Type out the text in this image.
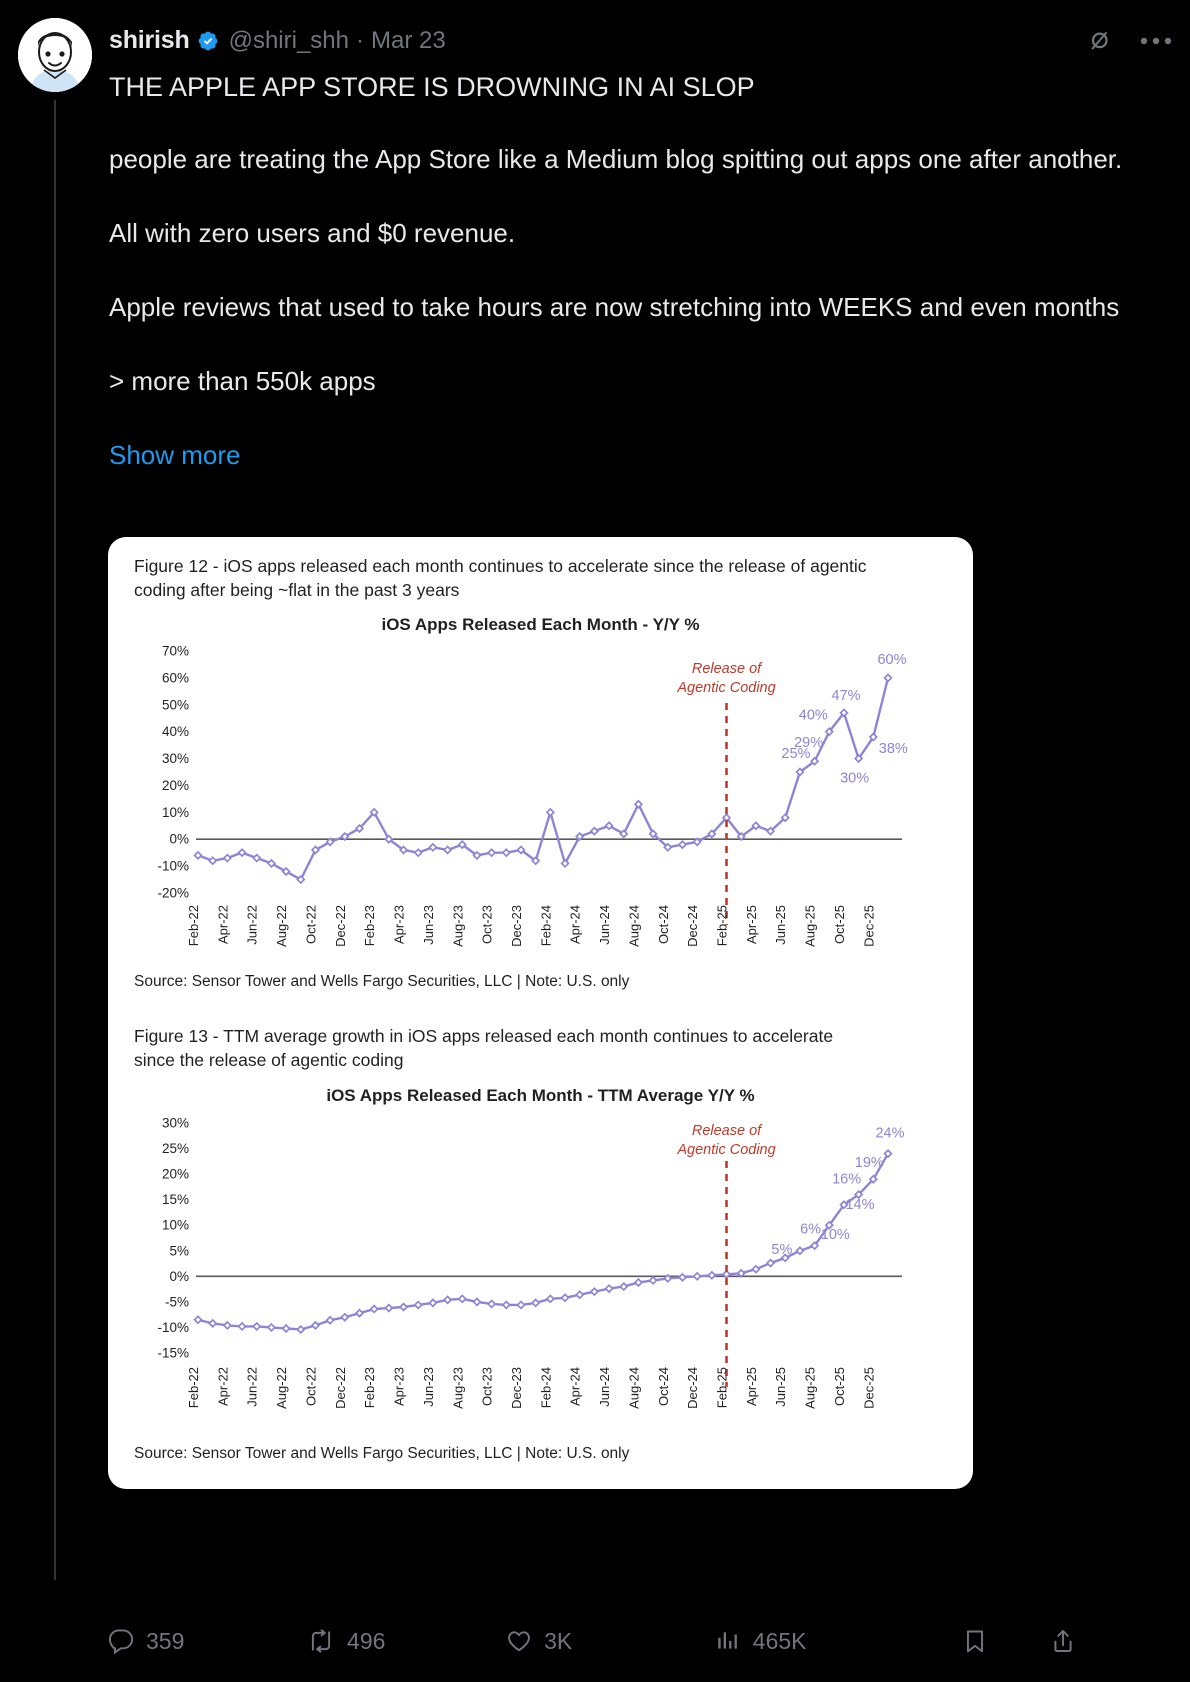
shirish @shiri_shh · Mar 23
THE APPLE APP STORE IS DROWNING IN AI SLOP

people are treating the App Store like a Medium blog spitting out apps one after another.

All with zero users and $0 revenue.

Apple reviews that used to take hours are now stretching into WEEKS and even months

> more than 550k apps

Show more
Figure 12 - iOS apps released each month continues to accelerate since the release of agentic coding after being ~flat in the past 3 years
iOS Apps Released Each Month - Y/Y %
-20%
-10%
0%
10%
20%
30%
40%
50%
60%
70%
Release of
Agentic Coding
25%
29%
40%
47%
30%
38%
60%
Feb-22 Apr-22 Jun-22 Aug-22 Oct-22 Dec-22 Feb-23 Apr-23 Jun-23 Aug-23 Oct-23 Dec-23 Feb-24 Apr-24 Jun-24 Aug-24 Oct-24 Dec-24 Feb-25 Apr-25 Jun-25 Aug-25 Oct-25 Dec-25
Source: Sensor Tower and Wells Fargo Securities, LLC | Note: U.S. only
Figure 13 - TTM average growth in iOS apps released each month continues to accelerate since the release of agentic coding
iOS Apps Released Each Month - TTM Average Y/Y %
-15%
-10%
-5%
0%
5%
10%
15%
20%
25%
30%	Release of
Agentic Coding
5%
6% 10%
14%
16%
19%
24%
Feb-22 Apr-22 Jun-22 Aug-22 Oct-22 Dec-22 Feb-23 Apr-23 Jun-23 Aug-23 Oct-23 Dec-23 Feb-24 Apr-24 Jun-24 Aug-24 Oct-24 Dec-24 Feb-25 Apr-25 Jun-25 Aug-25 Oct-25 Dec-25
Source: Sensor Tower and Wells Fargo Securities, LLC | Note: U.S. only
359	496	3K	465K
